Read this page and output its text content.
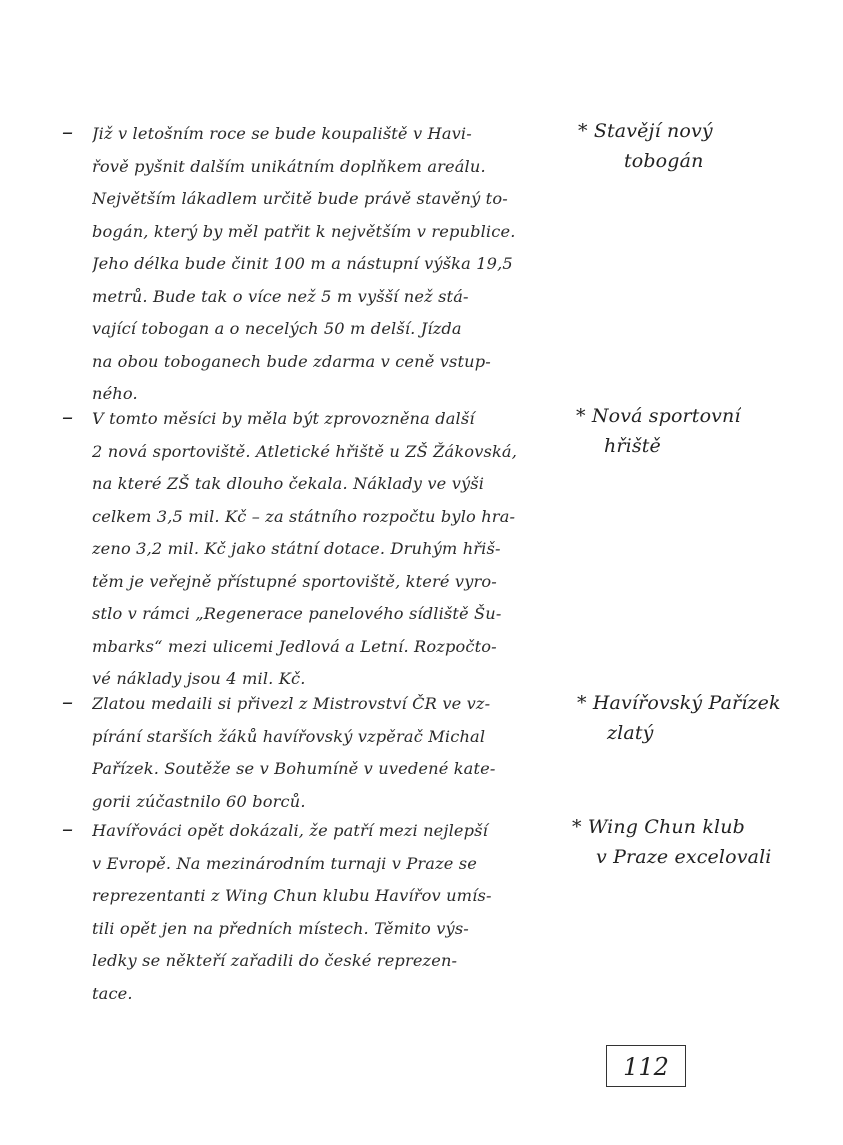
– Již v letošním roce se bude koupaliště v Havi-
řově pyšnit dalším unikátním doplňkem areálu.
Největším lákadlem určitě bude právě stavěný to-
bogán, který by měl patřit k největším v republice.
Jeho délka bude činit 100 m a nástupní výška 19,5
metrů. Bude tak o více než 5 m vyšší než stá-
vající tobogan a o necelých 50 m delší. Jízda
na obou toboganech bude zdarma v ceně vstup-
ného.
* Stavějí nový
tobogán
– V tomto měsíci by měla být zprovozněna další
2 nová sportoviště. Atletické hřiště u ZŠ Žákovská,
na které ZŠ tak dlouho čekala. Náklady ve výši
celkem 3,5 mil. Kč – za státního rozpočtu bylo hra-
zeno 3,2 mil. Kč jako státní dotace. Druhým hřiš-
těm je veřejně přístupné sportoviště, které vyro-
stlo v rámci „Regenerace panelového sídliště Šu-
mbarks“ mezi ulicemi Jedlová a Letní. Rozpočto-
vé náklady jsou 4 mil. Kč.
* Nová sportovní
hřiště
– Zlatou medaili si přivezl z Mistrovství ČR ve vz-
pírání starších žáků havířovský vzpěrač Michal
Pařízek. Soutěže se v Bohumíně v uvedené kate-
gorii zúčastnilo 60 borců.
* Havířovský Pařízek
zlatý
– Havířováci opět dokázali, že patří mezi nejlepší
v Evropě. Na mezinárodním turnaji v Praze se
reprezentanti z Wing Chun klubu Havířov umís-
tili opět jen na předních místech. Těmito výs-
ledky se někteří zařadili do české reprezen-
tace.
* Wing Chun klub
v Praze excelovali
112
